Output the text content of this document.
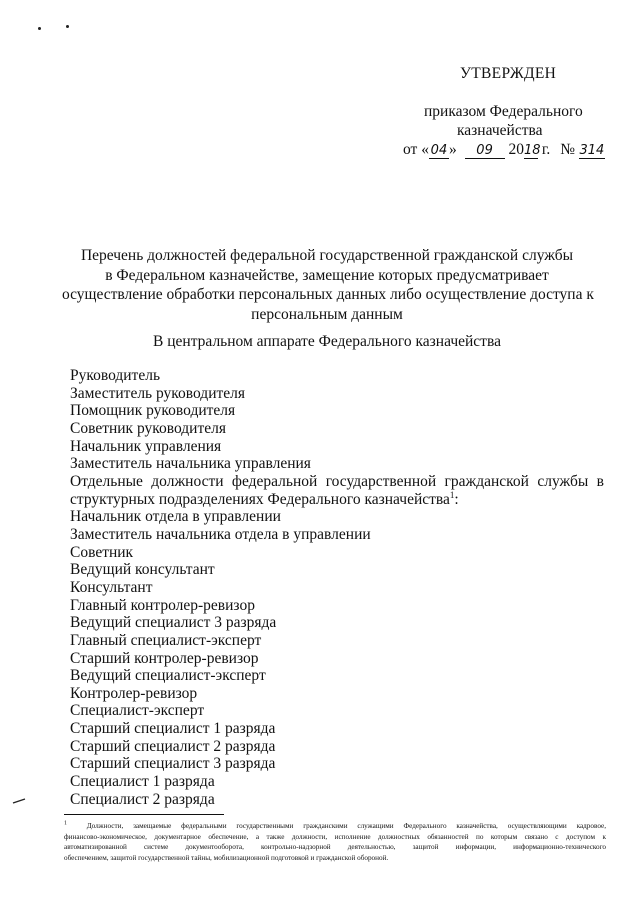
УТВЕРЖДЕН
приказом Федерального
казначейства
от « 04 » 09 2018 г. № 314
Перечень должностей федеральной государственной гражданской службы
в Федеральном казначействе, замещение которых предусматривает
осуществление обработки персональных данных либо осуществление доступа к
персональным данным
В центральном аппарате Федерального казначейства
Руководитель
Заместитель руководителя
Помощник руководителя
Советник руководителя
Начальник управления
Заместитель начальника управления
Отдельные должности федеральной государственной гражданской службы в
структурных подразделениях Федерального казначейства$^1$:
Начальник отдела в управлении
Заместитель начальника отдела в управлении
Советник
Ведущий консультант
Консультант
Главный контролер-ревизор
Ведущий специалист 3 разряда
Главный специалист-эксперт
Старший контролер-ревизор
Ведущий специалист-эксперт
Контролер-ревизор
Специалист-эксперт
Старший специалист 1 разряда
Старший специалист 2 разряда
Старший специалист 3 разряда
Специалист 1 разряда
Специалист 2 разряда
$^1$	Должности, замещаемые федеральными государственными гражданскими служащими Федерального казначейства, осуществляющими кадровое,
финансово-экономическое, документарное обеспечение, а также должности, исполнение должностных обязанностей по которым связано с доступом к
автоматизированной системе документооборота, контрольно-надзорной деятельностью, защитой информации, информационно-технического
обеспечением, защитой государственной тайны, мобилизационной подготовкой и гражданской обороной.
